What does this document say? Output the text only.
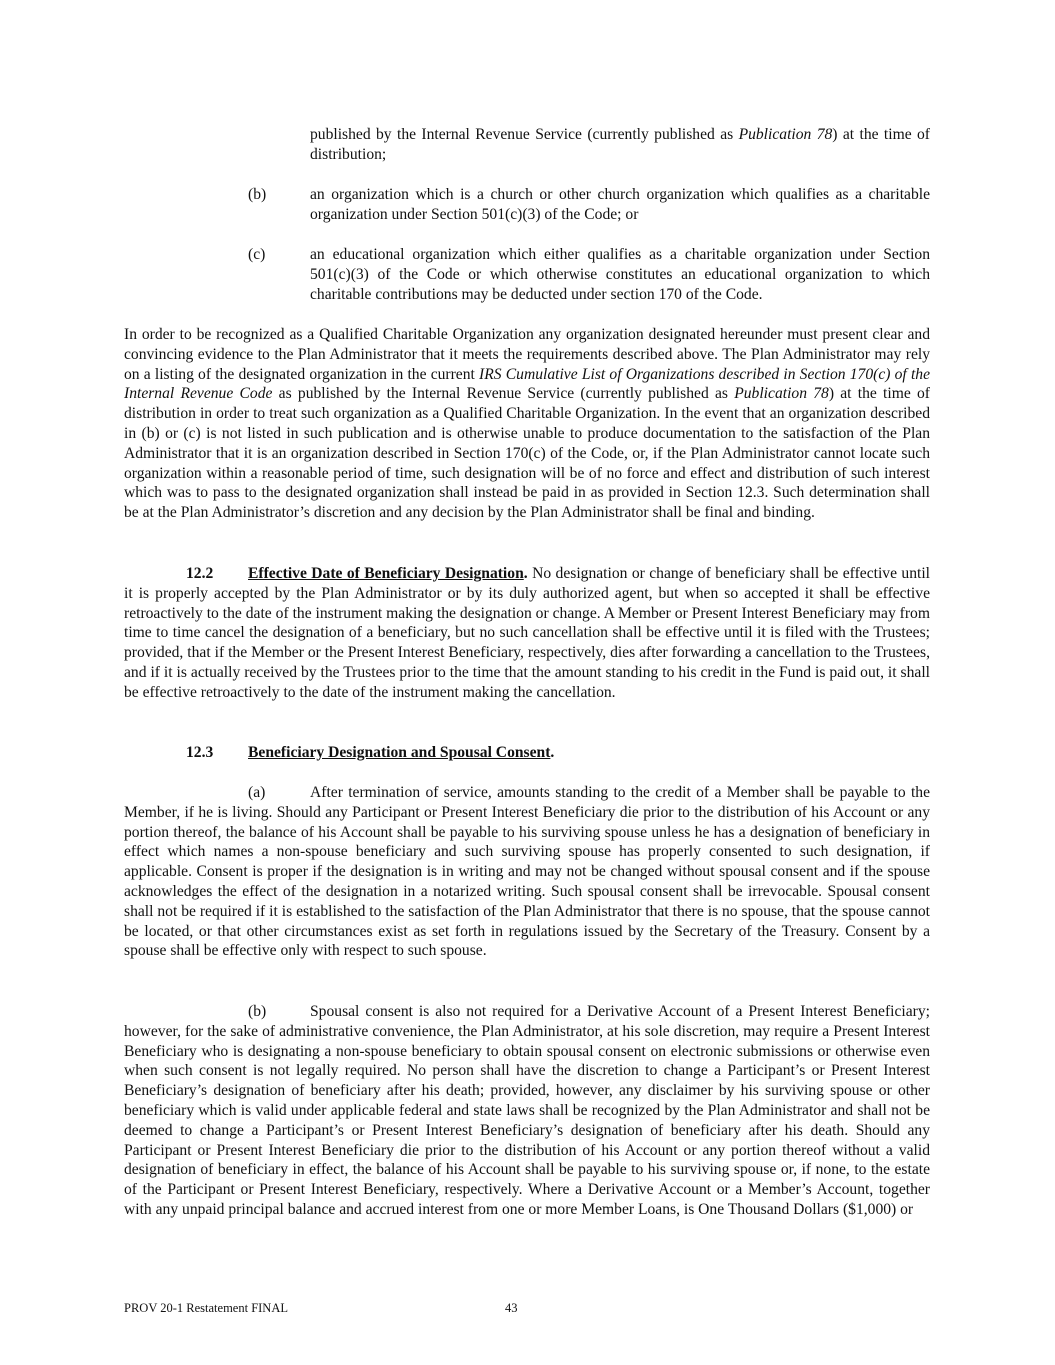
published by the Internal Revenue Service (currently published as Publication 78) at the time of distribution;

(b)	an organization which is a church or other church organization which qualifies as a charitable organization under Section 501(c)(3) of the Code; or

(c)	an educational organization which either qualifies as a charitable organization under Section 501(c)(3) of the Code or which otherwise constitutes an educational organization to which charitable contributions may be deducted under section 170 of the Code.

In order to be recognized as a Qualified Charitable Organization any organization designated hereunder must present clear and convincing evidence to the Plan Administrator that it meets the requirements described above. The Plan Administrator may rely on a listing of the designated organization in the current IRS Cumulative List of Organizations described in Section 170(c) of the Internal Revenue Code as published by the Internal Revenue Service (currently published as Publication 78) at the time of distribution in order to treat such organization as a Qualified Charitable Organization. In the event that an organization described in (b) or (c) is not listed in such publication and is otherwise unable to produce documentation to the satisfaction of the Plan Administrator that it is an organization described in Section 170(c) of the Code, or, if the Plan Administrator cannot locate such organization within a reasonable period of time, such designation will be of no force and effect and distribution of such interest which was to pass to the designated organization shall instead be paid in as provided in Section 12.3. Such determination shall be at the Plan Administrator’s discretion and any decision by the Plan Administrator shall be final and binding.

12.2 Effective Date of Beneficiary Designation. No designation or change of beneficiary shall be effective until it is properly accepted by the Plan Administrator or by its duly authorized agent, but when so accepted it shall be effective retroactively to the date of the instrument making the designation or change. A Member or Present Interest Beneficiary may from time to time cancel the designation of a beneficiary, but no such cancellation shall be effective until it is filed with the Trustees; provided, that if the Member or the Present Interest Beneficiary, respectively, dies after forwarding a cancellation to the Trustees, and if it is actually received by the Trustees prior to the time that the amount standing to his credit in the Fund is paid out, it shall be effective retroactively to the date of the instrument making the cancellation.

12.3 Beneficiary Designation and Spousal Consent.

(a)	After termination of service, amounts standing to the credit of a Member shall be payable to the Member, if he is living. Should any Participant or Present Interest Beneficiary die prior to the distribution of his Account or any portion thereof, the balance of his Account shall be payable to his surviving spouse unless he has a designation of beneficiary in effect which names a non-spouse beneficiary and such surviving spouse has properly consented to such designation, if applicable. Consent is proper if the designation is in writing and may not be changed without spousal consent and if the spouse acknowledges the effect of the designation in a notarized writing. Such spousal consent shall be irrevocable. Spousal consent shall not be required if it is established to the satisfaction of the Plan Administrator that there is no spouse, that the spouse cannot be located, or that other circumstances exist as set forth in regulations issued by the Secretary of the Treasury. Consent by a spouse shall be effective only with respect to such spouse.

(b)	Spousal consent is also not required for a Derivative Account of a Present Interest Beneficiary; however, for the sake of administrative convenience, the Plan Administrator, at his sole discretion, may require a Present Interest Beneficiary who is designating a non-spouse beneficiary to obtain spousal consent on electronic submissions or otherwise even when such consent is not legally required. No person shall have the discretion to change a Participant’s or Present Interest Beneficiary’s designation of beneficiary after his death; provided, however, any disclaimer by his surviving spouse or other beneficiary which is valid under applicable federal and state laws shall be recognized by the Plan Administrator and shall not be deemed to change a Participant’s or Present Interest Beneficiary’s designation of beneficiary after his death. Should any Participant or Present Interest Beneficiary die prior to the distribution of his Account or any portion thereof without a valid designation of beneficiary in effect, the balance of his Account shall be payable to his surviving spouse or, if none, to the estate of the Participant or Present Interest Beneficiary, respectively. Where a Derivative Account or a Member’s Account, together with any unpaid principal balance and accrued interest from one or more Member Loans, is One Thousand Dollars ($1,000) or

PROV 20-1 Restatement FINAL	43
